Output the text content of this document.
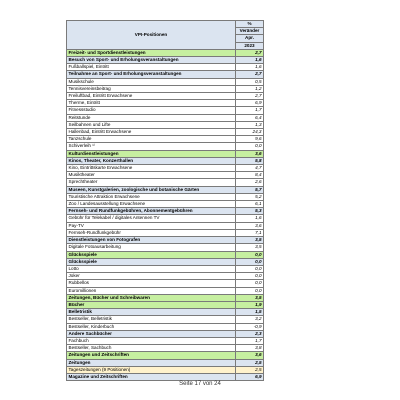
VPI-Positionen	%
	Veränder
	Apr.
	2023
Freizeit- und Sportdienstleistungen	2,7
Besuch von Sport- und Erholungsveranstaltungen	1,6
Fußballspiel, Eintritt	1,6
Teilnahme an Sport- und Erholungsveranstaltungen	2,7
Musikschule	0,5
Tennisvereinsbeitrag	1,2
Freiluftbad, Eintritt Erwachsene	2,7
Therme, Eintritt	6,9
Fitnessstudio	1,7
Reitstunde	6,4
Seilbahnen und Lifte	1,3
Hallenbad, Eintritt Erwachsene	24,3
Tanzschule	9,6
Schiverleih ¹⁾	0,0
Kulturdienstleistungen	3,6
Kinos, Theater, Konzerthallen	5,8
Kino, Eintrittskarte Erwachsene	4,7
Musiktheater	8,4
Sprechtheater	2,6
Museen, Kunstgalerien, zoologische und botanische Gärten	5,7
Touristische Attraktion Erwachsene	5,2
Zoo / Landesausstellung Erwachsene	6,1
Fernseh- und Rundfunkgebühren, Abonnementgebühren	5,3
Gebühr für Telekabel / digitales Antennen TV	1,6
Pay-TV	3,6
Fernseh-Rundfunkgebühr	7,1
Dienstleistungen von Fotografen	3,5
Digitale Fotoausarbeitung	3,5
Glücksspiele	0,0
Glücksspiele	0,0
Lotto	0,0
Joker	0,0
Rubbellos	0,0
Euromillionen	0,0
Zeitungen, Bücher und Schreibwaren	3,5
Bücher	1,9
Belletristik	1,5
Bestseller, Belletristik	3,2
Bestseller, Kinderbuch	-0,9
Andere Sachbücher	2,3
Fachbuch	1,7
Bestseller, Sachbuch	3,8
Zeitungen und Zeitschriften	3,6
Zeitungen	2,5
Tageszeitungen (9 Positionen)	2,5
Magazine und Zeitschriften	6,9
Seite 17 von 24
